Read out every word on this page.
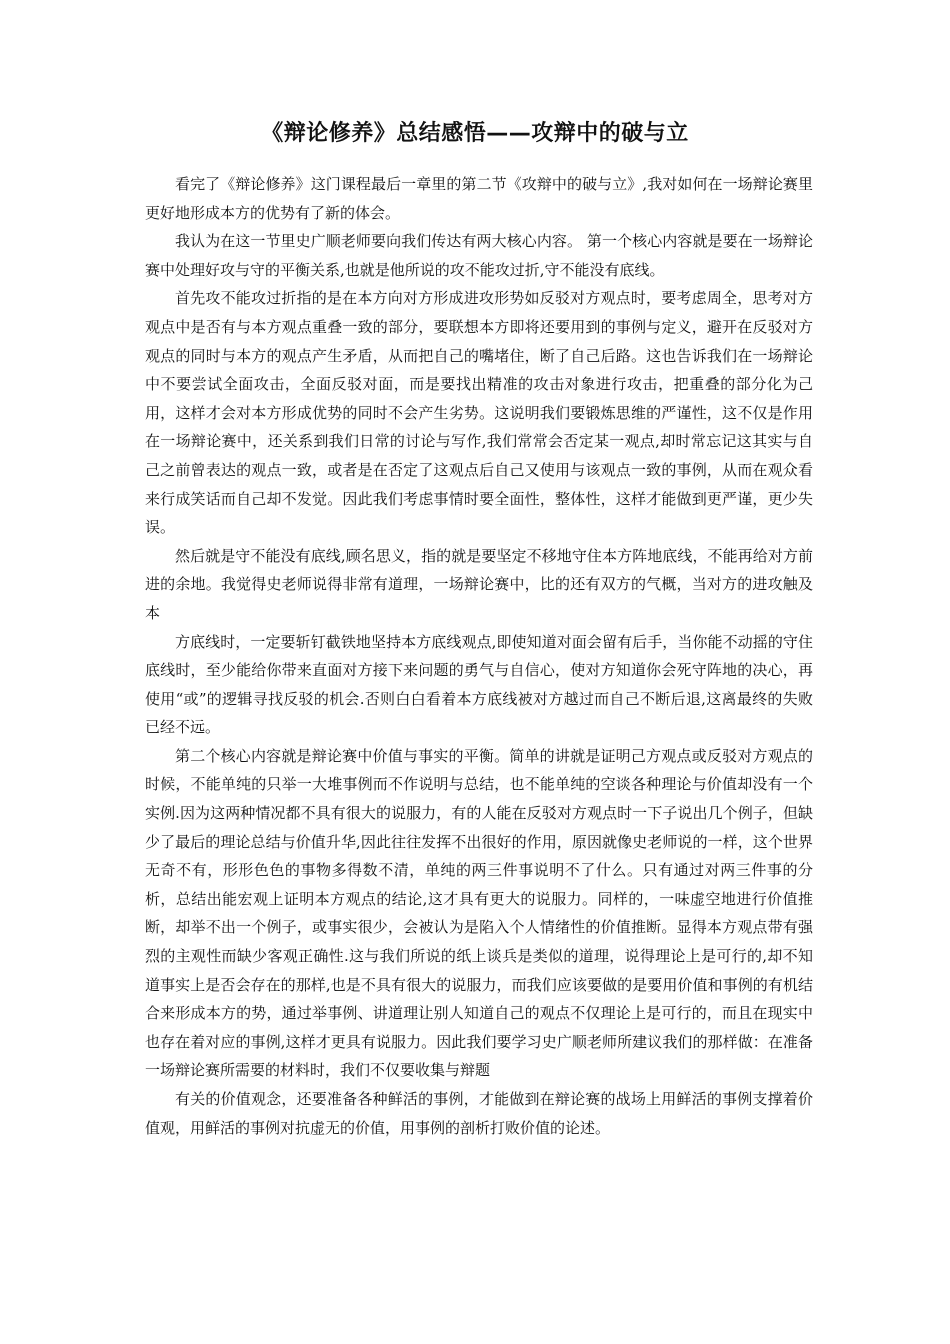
《辩论修养》总结感悟——攻辩中的破与立

看完了《辩论修养》这门课程最后一章里的第二节《攻辩中的破与立》,我对如何在一场辩论赛里更好地形成本方的优势有了新的体会。

我认为在这一节里史广顺老师要向我们传达有两大核心内容。 第一个核心内容就是要在一场辩论赛中处理好攻与守的平衡关系,也就是他所说的攻不能攻过折,守不能没有底线。

首先攻不能攻过折指的是在本方向对方形成进攻形势如反驳对方观点时，要考虑周全，思考对方观点中是否有与本方观点重叠一致的部分，要联想本方即将还要用到的事例与定义，避开在反驳对方观点的同时与本方的观点产生矛盾，从而把自己的嘴堵住，断了自己后路。这也告诉我们在一场辩论中不要尝试全面攻击，全面反驳对面，而是要找出精准的攻击对象进行攻击，把重叠的部分化为己用，这样才会对本方形成优势的同时不会产生劣势。这说明我们要锻炼思维的严谨性，这不仅是作用在一场辩论赛中，还关系到我们日常的讨论与写作,我们常常会否定某一观点,却时常忘记这其实与自己之前曾表达的观点一致，或者是在否定了这观点后自己又使用与该观点一致的事例，从而在观众看来行成笑话而自己却不发觉。因此我们考虑事情时要全面性，整体性，这样才能做到更严谨，更少失误。

然后就是守不能没有底线,顾名思义，指的就是要坚定不移地守住本方阵地底线，不能再给对方前进的余地。我觉得史老师说得非常有道理，一场辩论赛中，比的还有双方的气概，当对方的进攻触及本

方底线时，一定要斩钉截铁地坚持本方底线观点,即使知道对面会留有后手，当你能不动摇的守住底线时，至少能给你带来直面对方接下来问题的勇气与自信心，使对方知道你会死守阵地的决心，再使用“或”的逻辑寻找反驳的机会.否则白白看着本方底线被对方越过而自己不断后退,这离最终的失败已经不远。

第二个核心内容就是辩论赛中价值与事实的平衡。简单的讲就是证明己方观点或反驳对方观点的时候，不能单纯的只举一大堆事例而不作说明与总结，也不能单纯的空谈各种理论与价值却没有一个实例.因为这两种情况都不具有很大的说服力，有的人能在反驳对方观点时一下子说出几个例子，但缺少了最后的理论总结与价值升华,因此往往发挥不出很好的作用，原因就像史老师说的一样，这个世界无奇不有，形形色色的事物多得数不清，单纯的两三件事说明不了什么。只有通过对两三件事的分析，总结出能宏观上证明本方观点的结论,这才具有更大的说服力。同样的，一味虚空地进行价值推断，却举不出一个例子，或事实很少，会被认为是陷入个人情绪性的价值推断。显得本方观点带有强烈的主观性而缺少客观正确性.这与我们所说的纸上谈兵是类似的道理，说得理论上是可行的,却不知道事实上是否会存在的那样,也是不具有很大的说服力，而我们应该要做的是要用价值和事例的有机结合来形成本方的势，通过举事例、讲道理让别人知道自己的观点不仅理论上是可行的，而且在现实中也存在着对应的事例,这样才更具有说服力。因此我们要学习史广顺老师所建议我们的那样做：在准备一场辩论赛所需要的材料时，我们不仅要收集与辩题

有关的价值观念，还要准备各种鲜活的事例，才能做到在辩论赛的战场上用鲜活的事例支撑着价值观，用鲜活的事例对抗虚无的价值，用事例的剖析打败价值的论述。
